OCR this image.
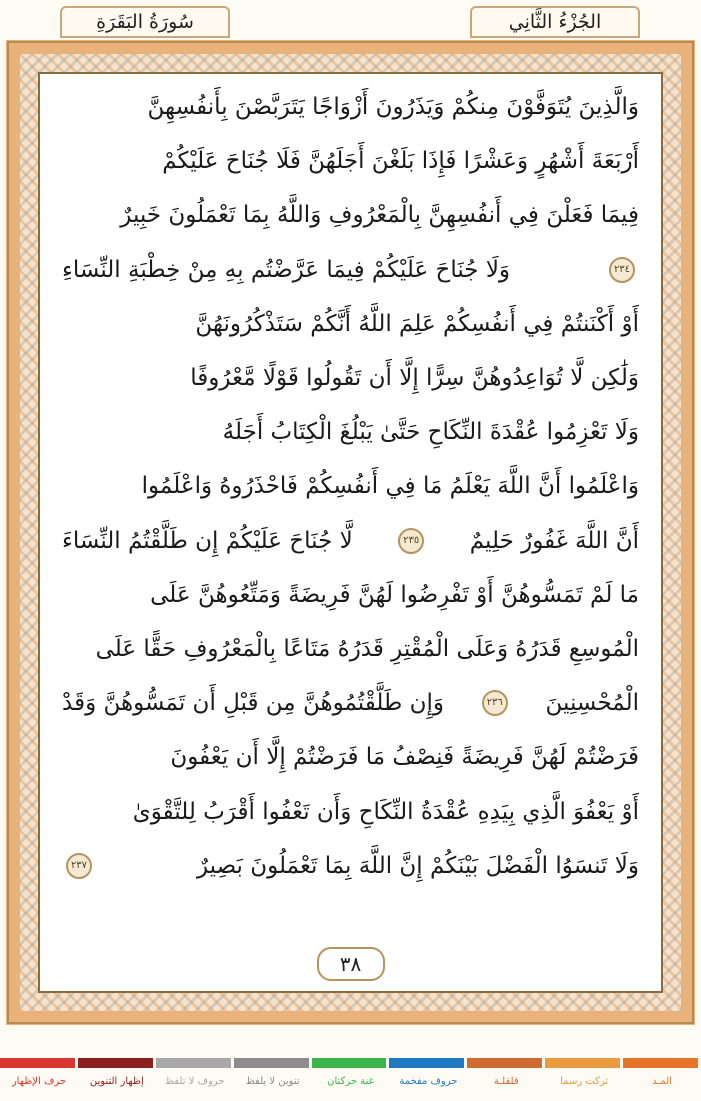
الجُزْءُ الثَّانِي
سُورَةُ البَقَرَةِ
وَالَّذِينَ يُتَوَفَّوْنَ مِنكُمْ وَيَذَرُونَ أَزْوَاجًا يَتَرَبَّصْنَ بِأَنفُسِهِنَّ
أَرْبَعَةَ أَشْهُرٍ وَعَشْرًا فَإِذَا بَلَغْنَ أَجَلَهُنَّ فَلَا جُنَاحَ عَلَيْكُمْ
فِيمَا فَعَلْنَ فِي أَنفُسِهِنَّ بِالْمَعْرُوفِ وَاللَّهُ بِمَا تَعْمَلُونَ خَبِيرٌ
۲۳٤
وَلَا جُنَاحَ عَلَيْكُمْ فِيمَا عَرَّضْتُم بِهِ مِنْ خِطْبَةِ النِّسَاءِ
أَوْ أَكْنَنتُمْ فِي أَنفُسِكُمْ عَلِمَ اللَّهُ أَنَّكُمْ سَتَذْكُرُونَهُنَّ
وَلَٰكِن لَّا تُوَاعِدُوهُنَّ سِرًّا إِلَّا أَن تَقُولُوا قَوْلًا مَّعْرُوفًا
وَلَا تَعْزِمُوا عُقْدَةَ النِّكَاحِ حَتَّىٰ يَبْلُغَ الْكِتَابُ أَجَلَهُ
وَاعْلَمُوا أَنَّ اللَّهَ يَعْلَمُ مَا فِي أَنفُسِكُمْ فَاحْذَرُوهُ وَاعْلَمُوا
أَنَّ اللَّهَ غَفُورٌ حَلِيمٌ
۲۳٥
لَّا جُنَاحَ عَلَيْكُمْ إِن طَلَّقْتُمُ النِّسَاءَ
مَا لَمْ تَمَسُّوهُنَّ أَوْ تَفْرِضُوا لَهُنَّ فَرِيضَةً وَمَتِّعُوهُنَّ عَلَى
الْمُوسِعِ قَدَرُهُ وَعَلَى الْمُقْتِرِ قَدَرُهُ مَتَاعًا بِالْمَعْرُوفِ حَقًّا عَلَى
الْمُحْسِنِينَ
۲۳٦
وَإِن طَلَّقْتُمُوهُنَّ مِن قَبْلِ أَن تَمَسُّوهُنَّ وَقَدْ
فَرَضْتُمْ لَهُنَّ فَرِيضَةً فَنِصْفُ مَا فَرَضْتُمْ إِلَّا أَن يَعْفُونَ
أَوْ يَعْفُوَ الَّذِي بِيَدِهِ عُقْدَةُ النِّكَاحِ وَأَن تَعْفُوا أَقْرَبُ لِلتَّقْوَىٰ
وَلَا تَنسَوُا الْفَضْلَ بَيْنَكُمْ إِنَّ اللَّهَ بِمَا تَعْمَلُونَ بَصِيرٌ
۲۳۷
٣٨
المـد
تركت رسما
قلقلـة
حروف مفخمة
غنة حركتان
تنوين لا يلفظ
حروف لا تلفظ
إظهار التنوين
حرف الإظهار
